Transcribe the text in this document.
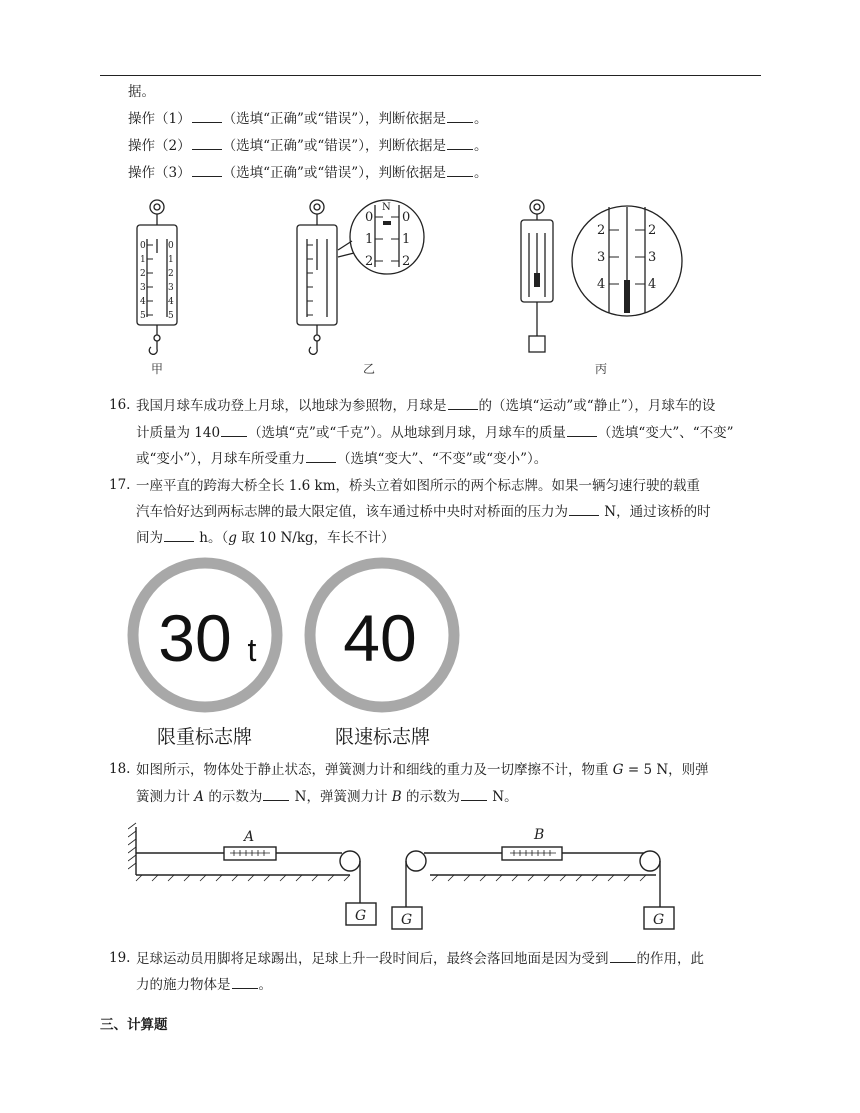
据。
操作（1） （选填“正确”或“错误”），判断依据是 。
操作（2） （选填“正确”或“错误”），判断依据是 。
操作（3） （选填“正确”或“错误”），判断依据是 。
0
1
2
3
4
5
0
1
2
3
4
5
0
1
2
0
1
2
N
2
3
4
2
3
4
甲	乙	丙
16. 我国月球车成功登上月球，以地球为参照物，月球是 的（选填“运动”或“静止”），月球车的设
计质量为 140 （选填“克”或“千克”）。从地球到月球，月球车的质量 （选填“变大”、“不变”
或“变小”），月球车所受重力 （选填“变大”、“不变”或“变小”）。
17. 一座平直的跨海大桥全长 1.6 km，桥头立着如图所示的两个标志牌。如果一辆匀速行驶的载重
汽车恰好达到两标志牌的最大限定值，该车通过桥中央时对桥面的压力为 N，通过该桥的时
间为 h。（g 取 10 N/kg，车长不计）
30 t 40
限重标志牌	限速标志牌
18. 如图所示，物体处于静止状态，弹簧测力计和细线的重力及一切摩擦不计，物重 G = 5 N，则弹
簧测力计 A 的示数为 N，弹簧测力计 B 的示数为 N。
A	B
G G	G
19. 足球运动员用脚将足球踢出，足球上升一段时间后，最终会落回地面是因为受到 的作用，此
力的施力物体是 。
三、计算题
